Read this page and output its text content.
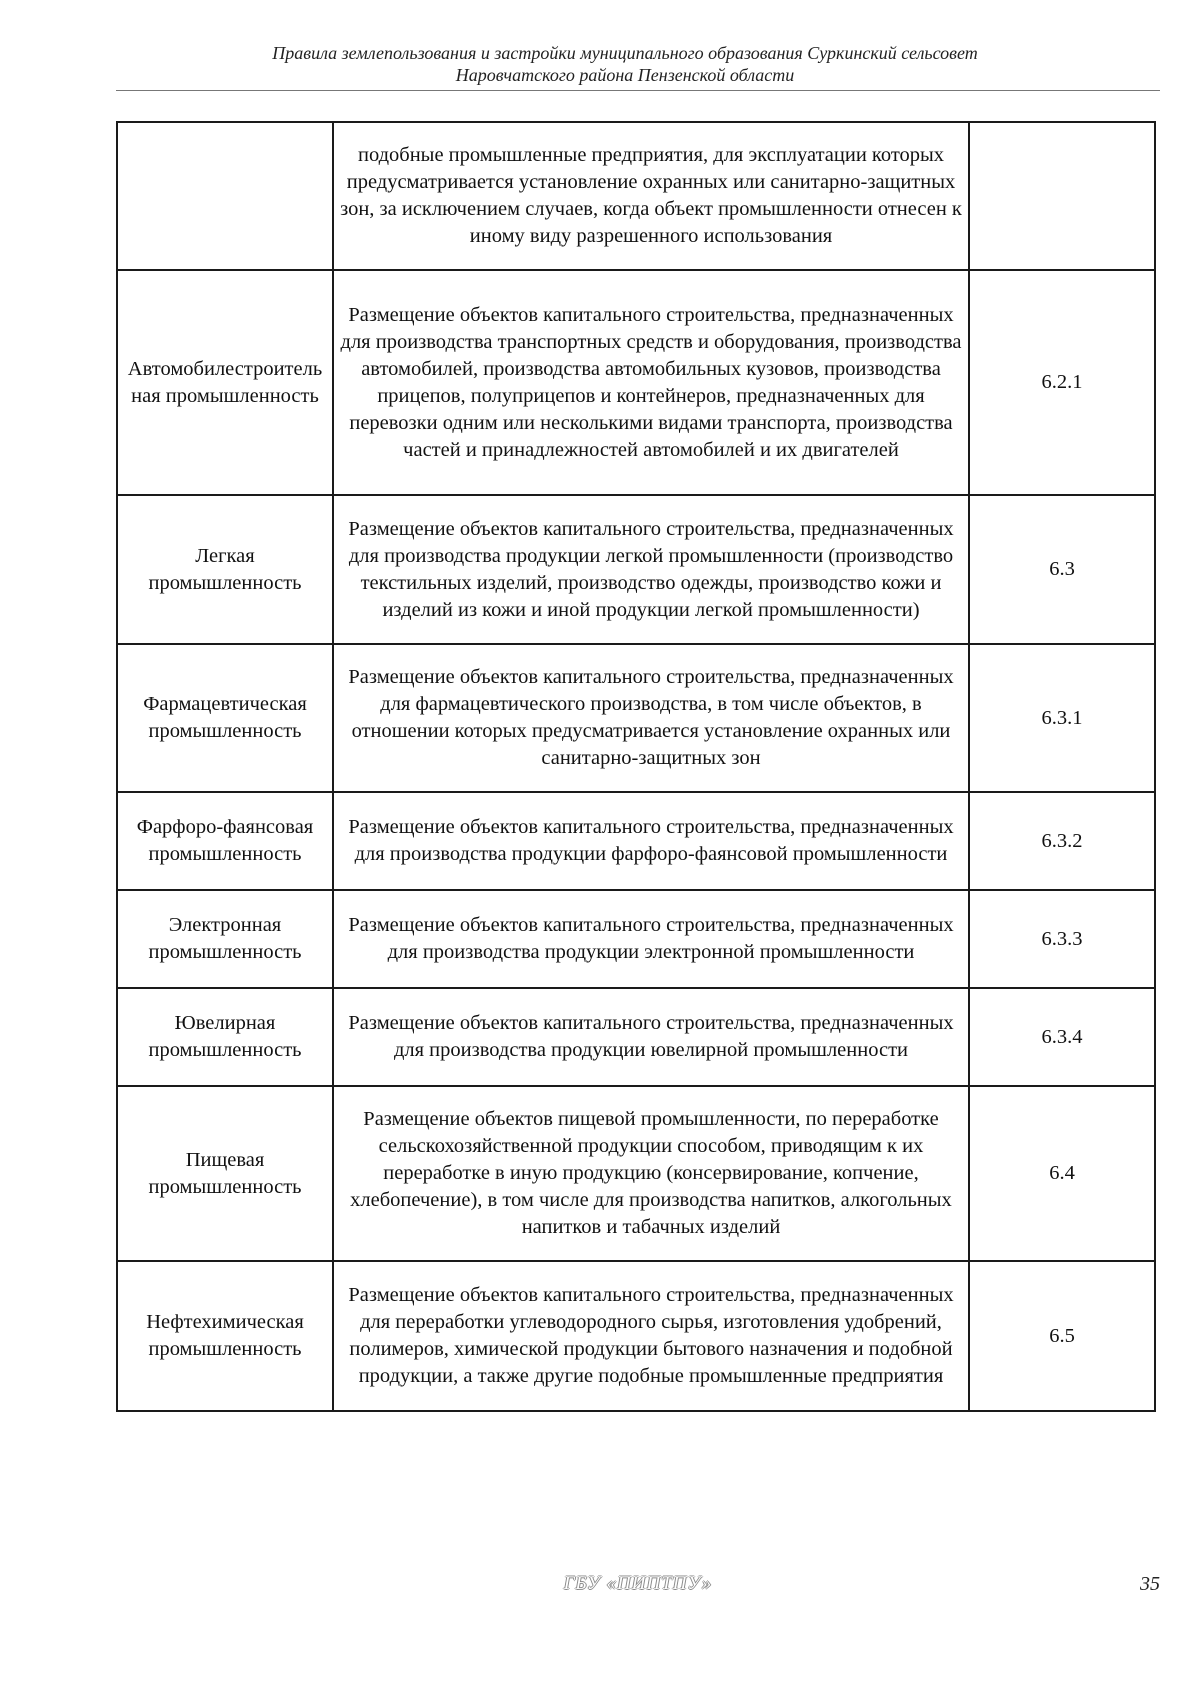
Правила землепользования и застройки муниципального образования Суркинский сельсовет
Наровчатского района Пензенской области
	подобные промышленные предприятия, для эксплуатации которых предусматривается установление охранных или санитарно-защитных зон, за исключением случаев, когда объект промышленности отнесен к иному виду разрешенного использования	
Автомобилестроительная промышленность	Размещение объектов капитального строительства, предназначенных для производства транспортных средств и оборудования, производства автомобилей, производства автомобильных кузовов, производства прицепов, полуприцепов и контейнеров, предназначенных для перевозки одним или несколькими видами транспорта, производства частей и принадлежностей автомобилей и их двигателей	6.2.1
Легкая промышленность	Размещение объектов капитального строительства, предназначенных для производства продукции легкой промышленности (производство текстильных изделий, производство одежды, производство кожи и изделий из кожи и иной продукции легкой промышленности)	6.3
Фармацевтическая промышленность	Размещение объектов капитального строительства, предназначенных для фармацевтического производства, в том числе объектов, в отношении которых предусматривается установление охранных или санитарно-защитных зон	6.3.1
Фарфоро-фаянсовая промышленность	Размещение объектов капитального строительства, предназначенных для производства продукции фарфоро-фаянсовой промышленности	6.3.2
Электронная промышленность	Размещение объектов капитального строительства, предназначенных для производства продукции электронной промышленности	6.3.3
Ювелирная промышленность	Размещение объектов капитального строительства, предназначенных для производства продукции ювелирной промышленности	6.3.4
Пищевая промышленность	Размещение объектов пищевой промышленности, по переработке сельскохозяйственной продукции способом, приводящим к их переработке в иную продукцию (консервирование, копчение, хлебопечение), в том числе для производства напитков, алкогольных напитков и табачных изделий	6.4
Нефтехимическая промышленность	Размещение объектов капитального строительства, предназначенных для переработки углеводородного сырья, изготовления удобрений, полимеров, химической продукции бытового назначения и подобной продукции, а также другие подобные промышленные предприятия	6.5
ГБУ «ПИПТПУ»	35
